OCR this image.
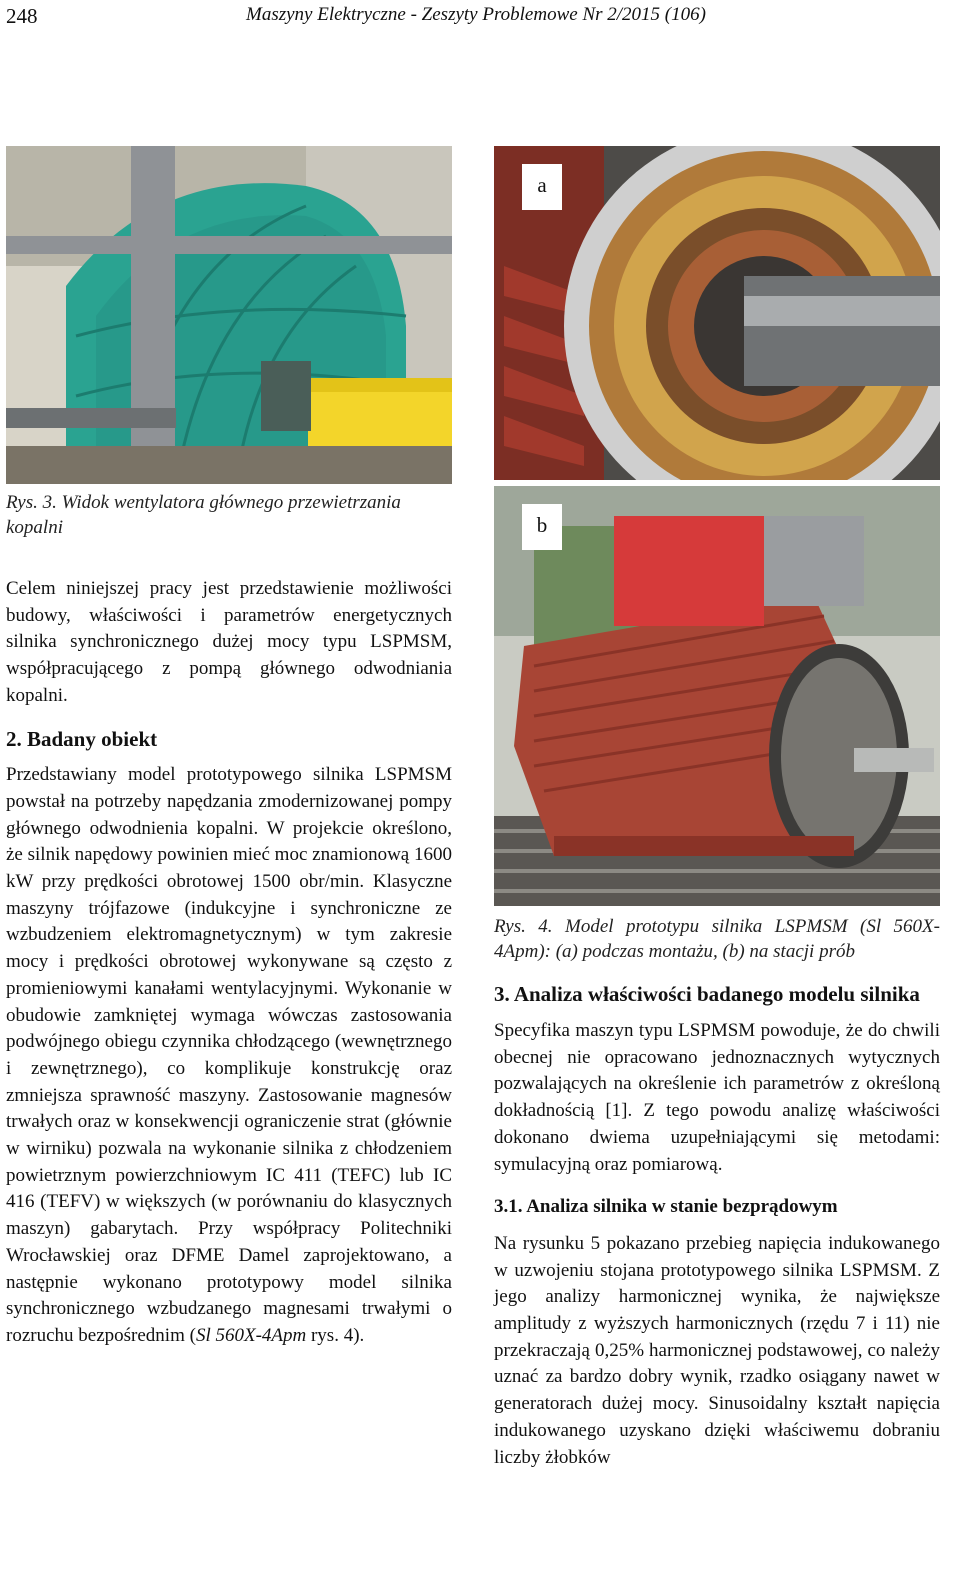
248	Maszyny Elektryczne - Zeszyty Problemowe Nr 2/2015 (106)
a
b

Rys. 3. Widok wentylatora głównego przewietrzania kopalni

Celem niniejszej pracy jest przedstawienie możliwości budowy, właściwości i parametrów energetycznych silnika synchronicznego dużej mocy typu LSPMSM, współpracującego z pompą głównego odwodniania kopalni.

2. Badany obiekt

Przedstawiany model prototypowego silnika LSPMSM powstał na potrzeby napędzania zmodernizowanej pompy głównego odwodnienia kopalni. W projekcie określono, że silnik napędowy powinien mieć moc znamionową 1600 kW przy prędkości obrotowej 1500 obr/min. Klasyczne maszyny trójfazowe (indukcyjne i synchroniczne ze wzbudzeniem elektromagnetycznym) w tym zakresie mocy i prędkości obrotowej wykonywane są często z promieniowymi kanałami wentylacyjnymi. Wykonanie w obudowie zamkniętej wymaga wówczas zastosowania podwójnego obiegu czynnika chłodzącego (wewnętrznego i zewnętrznego), co komplikuje konstrukcję oraz zmniejsza sprawność maszyny. Zastosowanie magnesów trwałych oraz w konsekwencji ograniczenie strat (głównie w wirniku) pozwala na wykonanie silnika z chłodzeniem powietrznym powierzchniowym IC 411 (TEFC) lub IC 416 (TEFV) w większych (w porównaniu do klasycznych maszyn) gabarytach. Przy współpracy Politechniki Wrocławskiej oraz DFME Damel zaprojektowano, a następnie wykonano prototypowy model silnika synchronicznego wzbudzanego magnesami trwałymi o rozruchu bezpośrednim (Sl 560X-4Apm rys. 4).

Rys. 4. Model prototypu silnika LSPMSM (Sl 560X-4Apm): (a) podczas montażu, (b) na stacji prób

3. Analiza właściwości badanego modelu silnika

Specyfika maszyn typu LSPMSM powoduje, że do chwili obecnej nie opracowano jednoznacznych wytycznych pozwalających na określenie ich parametrów z określoną dokładnością [1]. Z tego powodu analizę właściwości dokonano dwiema uzupełniającymi się metodami: symulacyjną oraz pomiarową.

3.1. Analiza silnika w stanie bezprądowym

Na rysunku 5 pokazano przebieg napięcia indukowanego w uzwojeniu stojana prototypowego silnika LSPMSM. Z jego analizy harmonicznej wynika, że największe amplitudy z wyższych harmonicznych (rzędu 7 i 11) nie przekraczają 0,25% harmonicznej podstawowej, co należy uznać za bardzo dobry wynik, rzadko osiągany nawet w generatorach dużej mocy. Sinusoidalny kształt napięcia indukowanego uzyskano dzięki właściwemu dobraniu liczby żłobków
